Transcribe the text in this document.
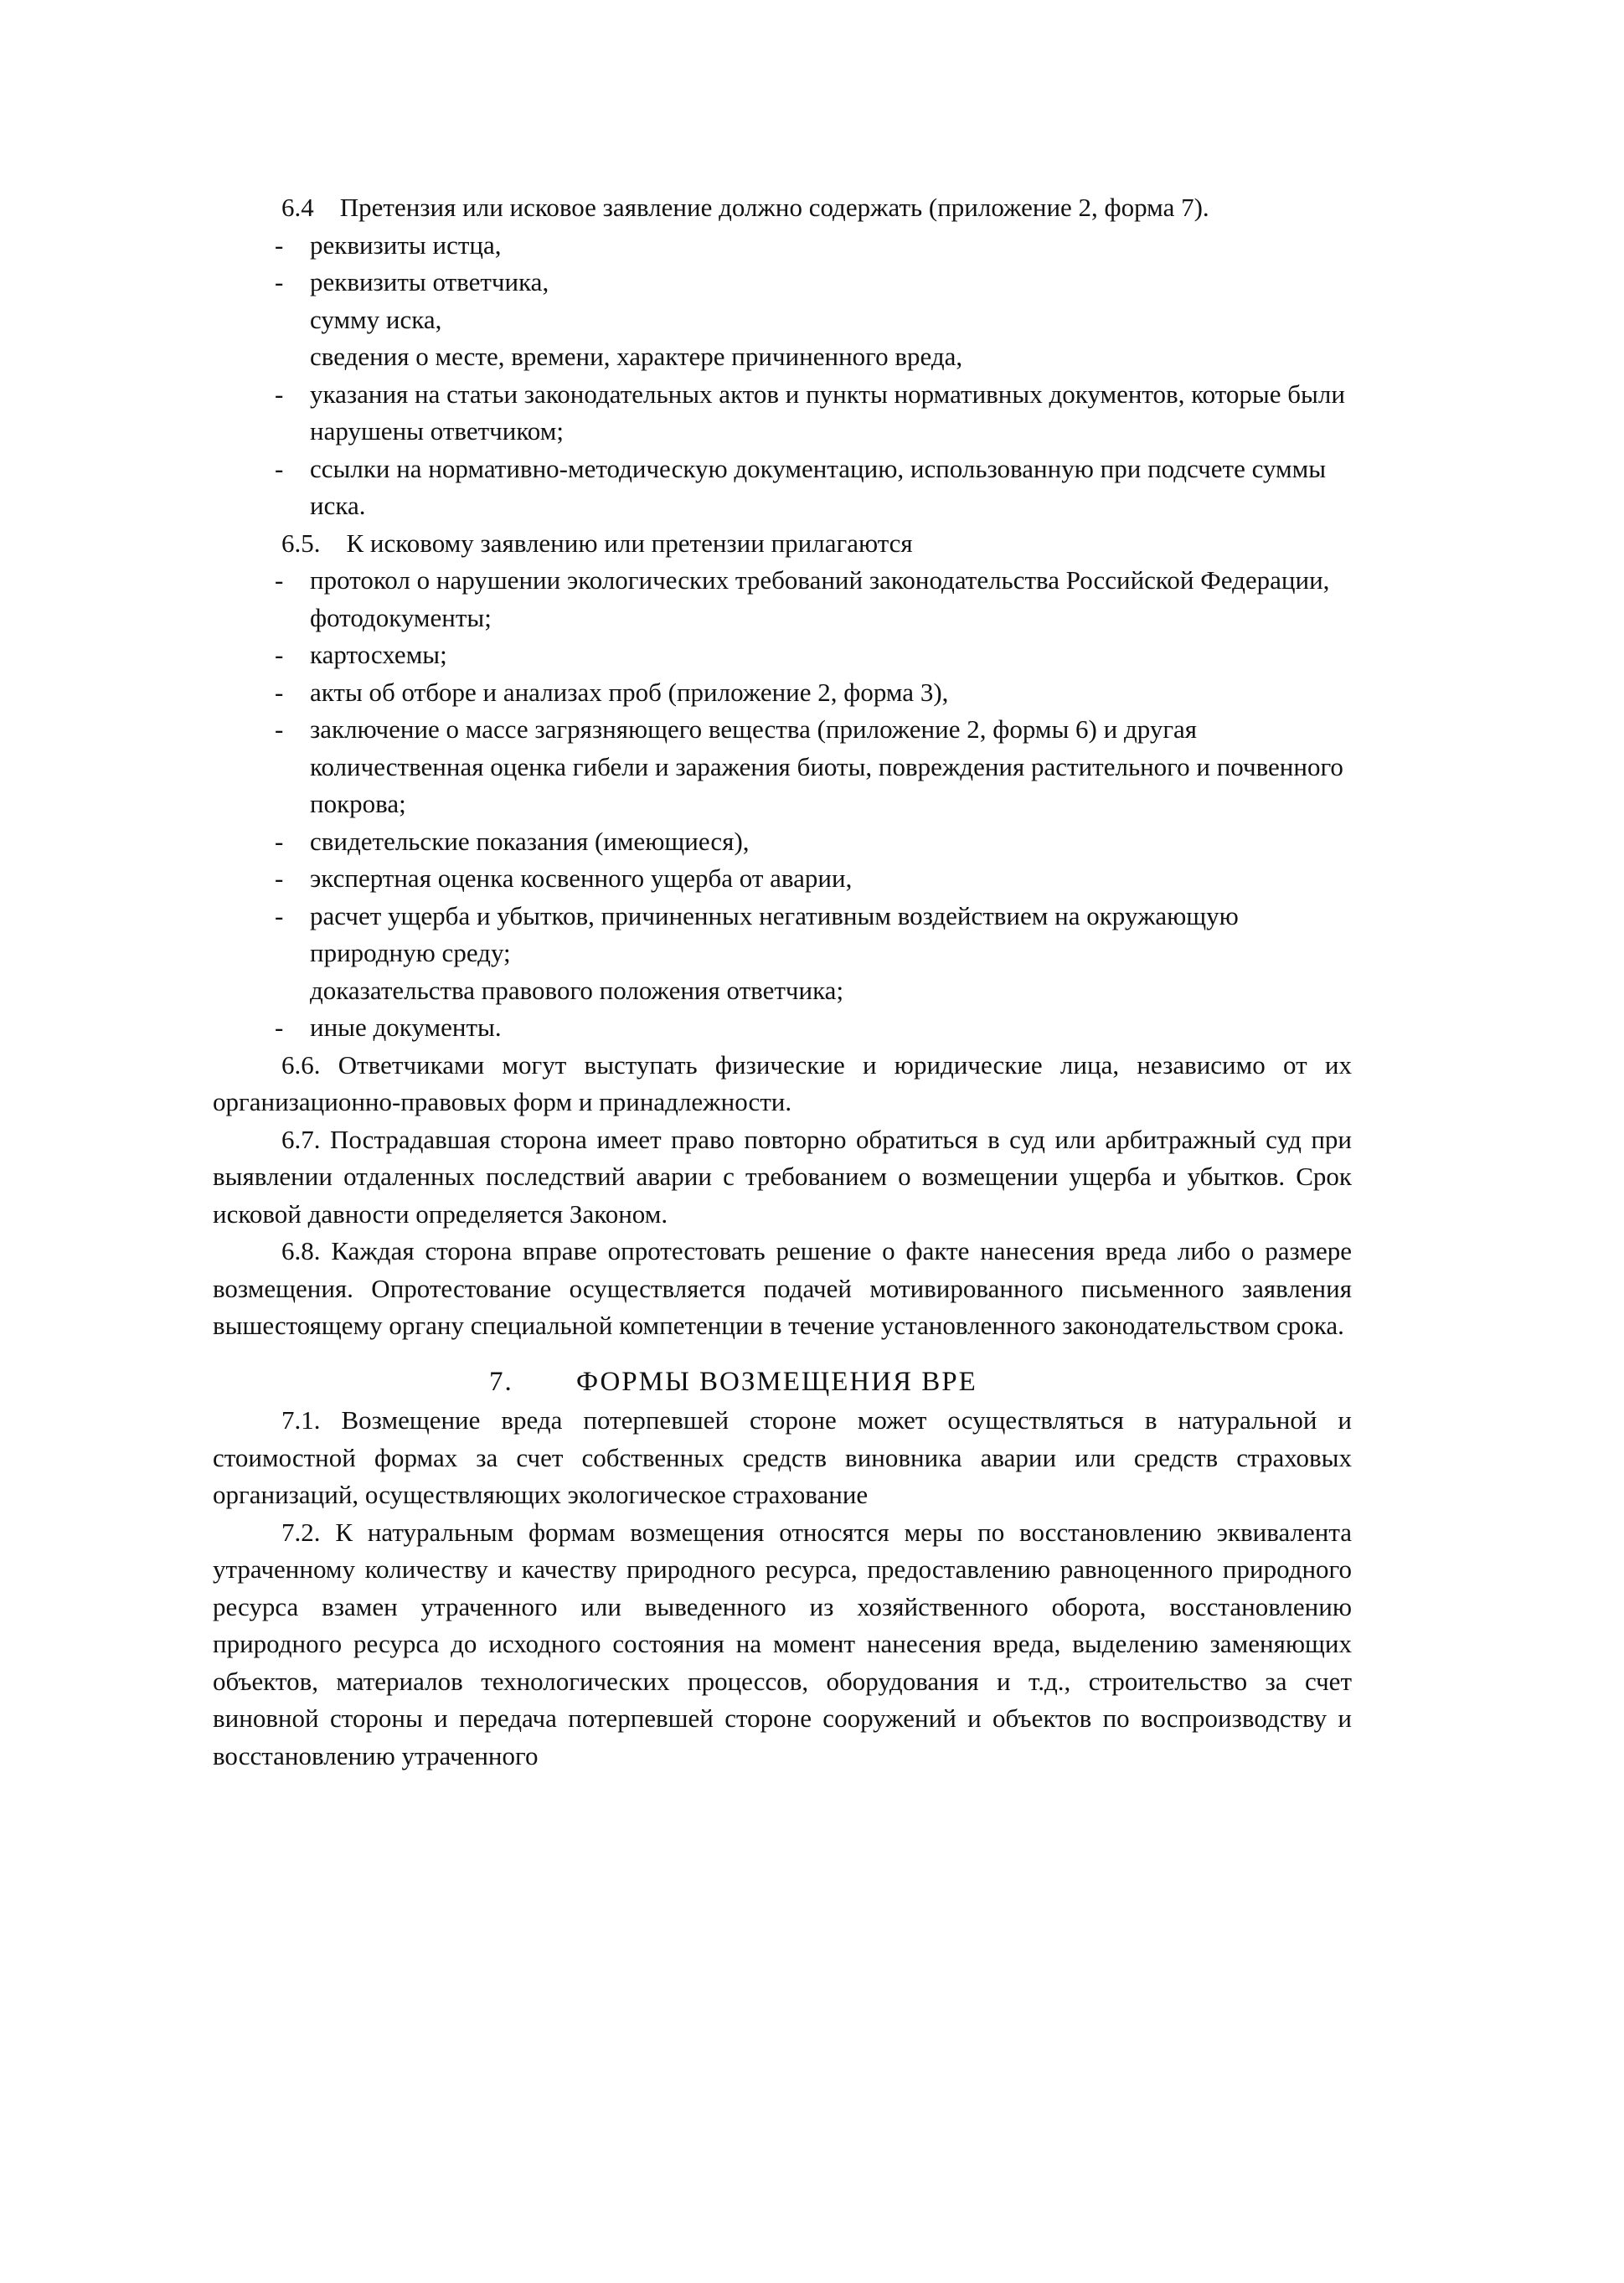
6.4 Претензия или исковое заявление должно содержать (приложение 2, форма 7).

- реквизиты истца,
- реквизиты ответчика,
сумму иска,
сведения о месте, времени, характере причиненного вреда,
- указания на статьи законодательных актов и пункты нормативных документов, которые были нарушены ответчиком;
- ссылки на нормативно-методическую документацию, использованную при подсчете суммы иска.

6.5. К исковому заявлению или претензии прилагаются

- протокол о нарушении экологических требований законодательства Российской Федерации,
фотодокументы;
- картосхемы;
- акты об отборе и анализах проб (приложение 2, форма 3),
- заключение о массе загрязняющего вещества (приложение 2, формы 6) и другая количественная оценка гибели и заражения биоты, повреждения растительного и почвенного покрова;
- свидетельские показания (имеющиеся),
- экспертная оценка косвенного ущерба от аварии,
- расчет ущерба и убытков, причиненных негативным воздействием на окружающую природную среду;
доказательства правового положения ответчика;
- иные документы.

6.6. Ответчиками могут выступать физические и юридические лица, независимо от их организационно-правовых форм и принадлежности.

6.7. Пострадавшая сторона имеет право повторно обратиться в суд или арбитражный суд при выявлении отдаленных последствий аварии с требованием о возмещении ущерба и убытков. Срок исковой давности определяется Законом.

6.8. Каждая сторона вправе опротестовать решение о факте нанесения вреда либо о размере возмещения. Опротестование осуществляется подачей мотивированного письменного заявления вышестоящему органу специальной компетенции в течение установленного законодательством срока.

7. ФОРМЫ ВОЗМЕЩЕНИЯ ВРЕ

7.1. Возмещение вреда потерпевшей стороне может осуществляться в натуральной и стоимостной формах за счет собственных средств виновника аварии или средств страховых организаций, осуществляющих экологическое страхование

7.2. К натуральным формам возмещения относятся меры по восстановлению эквивалента утраченному количеству и качеству природного ресурса, предоставлению равноценного природного ресурса взамен утраченного или выведенного из хозяйственного оборота, восстановлению природного ресурса до исходного состояния на момент нанесения вреда, выделению заменяющих объектов, материалов технологических процессов, оборудования и т.д., строительство за счет виновной стороны и передача потерпевшей стороне сооружений и объектов по воспроизводству и восстановлению утраченного
